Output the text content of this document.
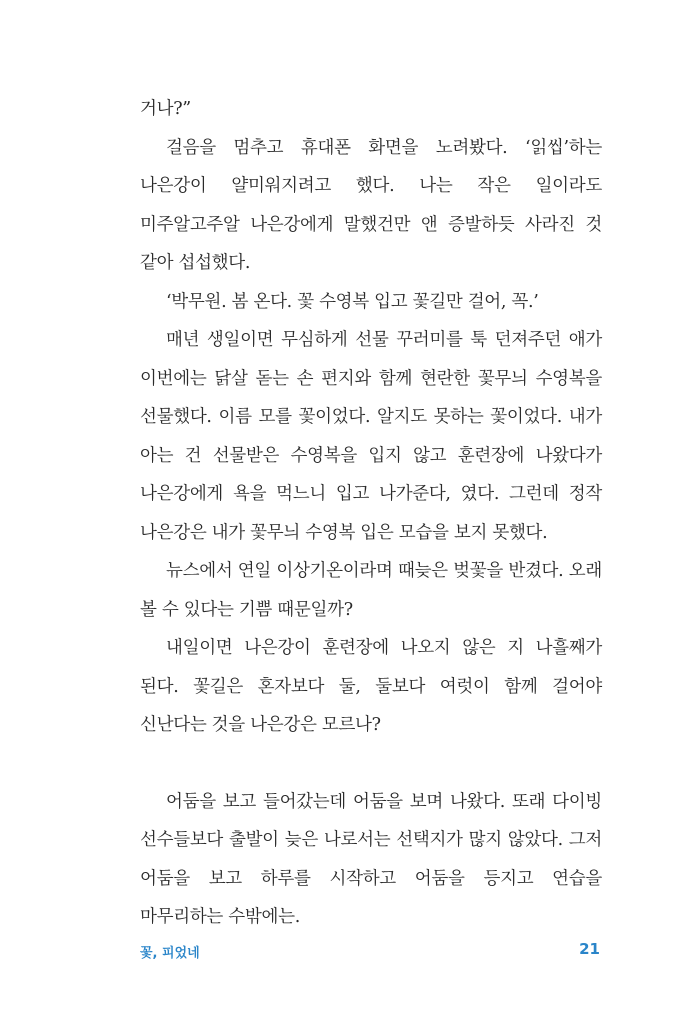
거나?”

걸음을 멈추고 휴대폰 화면을 노려봤다. ‘읽씹’하는 나은강이 얄미워지려고 했다. 나는 작은 일이라도 미주알고주알 나은강에게 말했건만 앤 증발하듯 사라진 것 같아 섭섭했다.

‘박무원. 봄 온다. 꽃 수영복 입고 꽃길만 걸어, 꼭.’

매년 생일이면 무심하게 선물 꾸러미를 툭 던져주던 애가 이번에는 닭살 돋는 손 편지와 함께 현란한 꽃무늬 수영복을 선물했다. 이름 모를 꽃이었다. 알지도 못하는 꽃이었다. 내가 아는 건 선물받은 수영복을 입지 않고 훈련장에 나왔다가 나은강에게 욕을 먹느니 입고 나가준다, 였다. 그런데 정작 나은강은 내가 꽃무늬 수영복 입은 모습을 보지 못했다.

뉴스에서 연일 이상기온이라며 때늦은 벚꽃을 반겼다. 오래 볼 수 있다는 기쁨 때문일까?

내일이면 나은강이 훈련장에 나오지 않은 지 나흘째가 된다. 꽃길은 혼자보다 둘, 둘보다 여럿이 함께 걸어야 신난다는 것을 나은강은 모르나?

어둠을 보고 들어갔는데 어둠을 보며 나왔다. 또래 다이빙 선수들보다 출발이 늦은 나로서는 선택지가 많지 않았다. 그저 어둠을 보고 하루를 시작하고 어둠을 등지고 연습을 마무리하는 수밖에는.

꽃, 피었네	21
